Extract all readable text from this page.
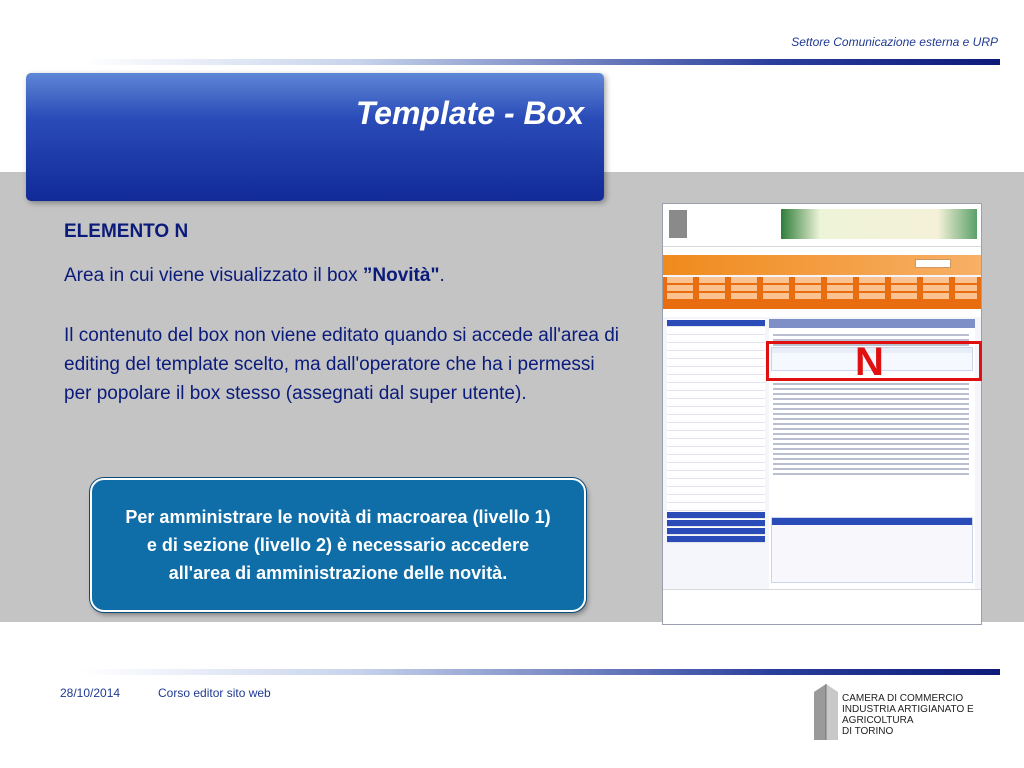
Settore Comunicazione esterna e URP
Template - Box
ELEMENTO N
Area in cui viene visualizzato il box ”Novità".
Il contenuto del box non viene editato quando si accede all'area di editing del template scelto, ma dall'operatore che ha i permessi per popolare il box stesso (assegnati dal super utente).
Per amministrare le novità di macroarea (livello 1) e di sezione (livello 2) è necessario accedere all'area di amministrazione delle novità.
N
28/10/2014	Corso editor sito web	CAMERA DI COMMERCIO
INDUSTRIA ARTIGIANATO E AGRICOLTURA
DI TORINO
